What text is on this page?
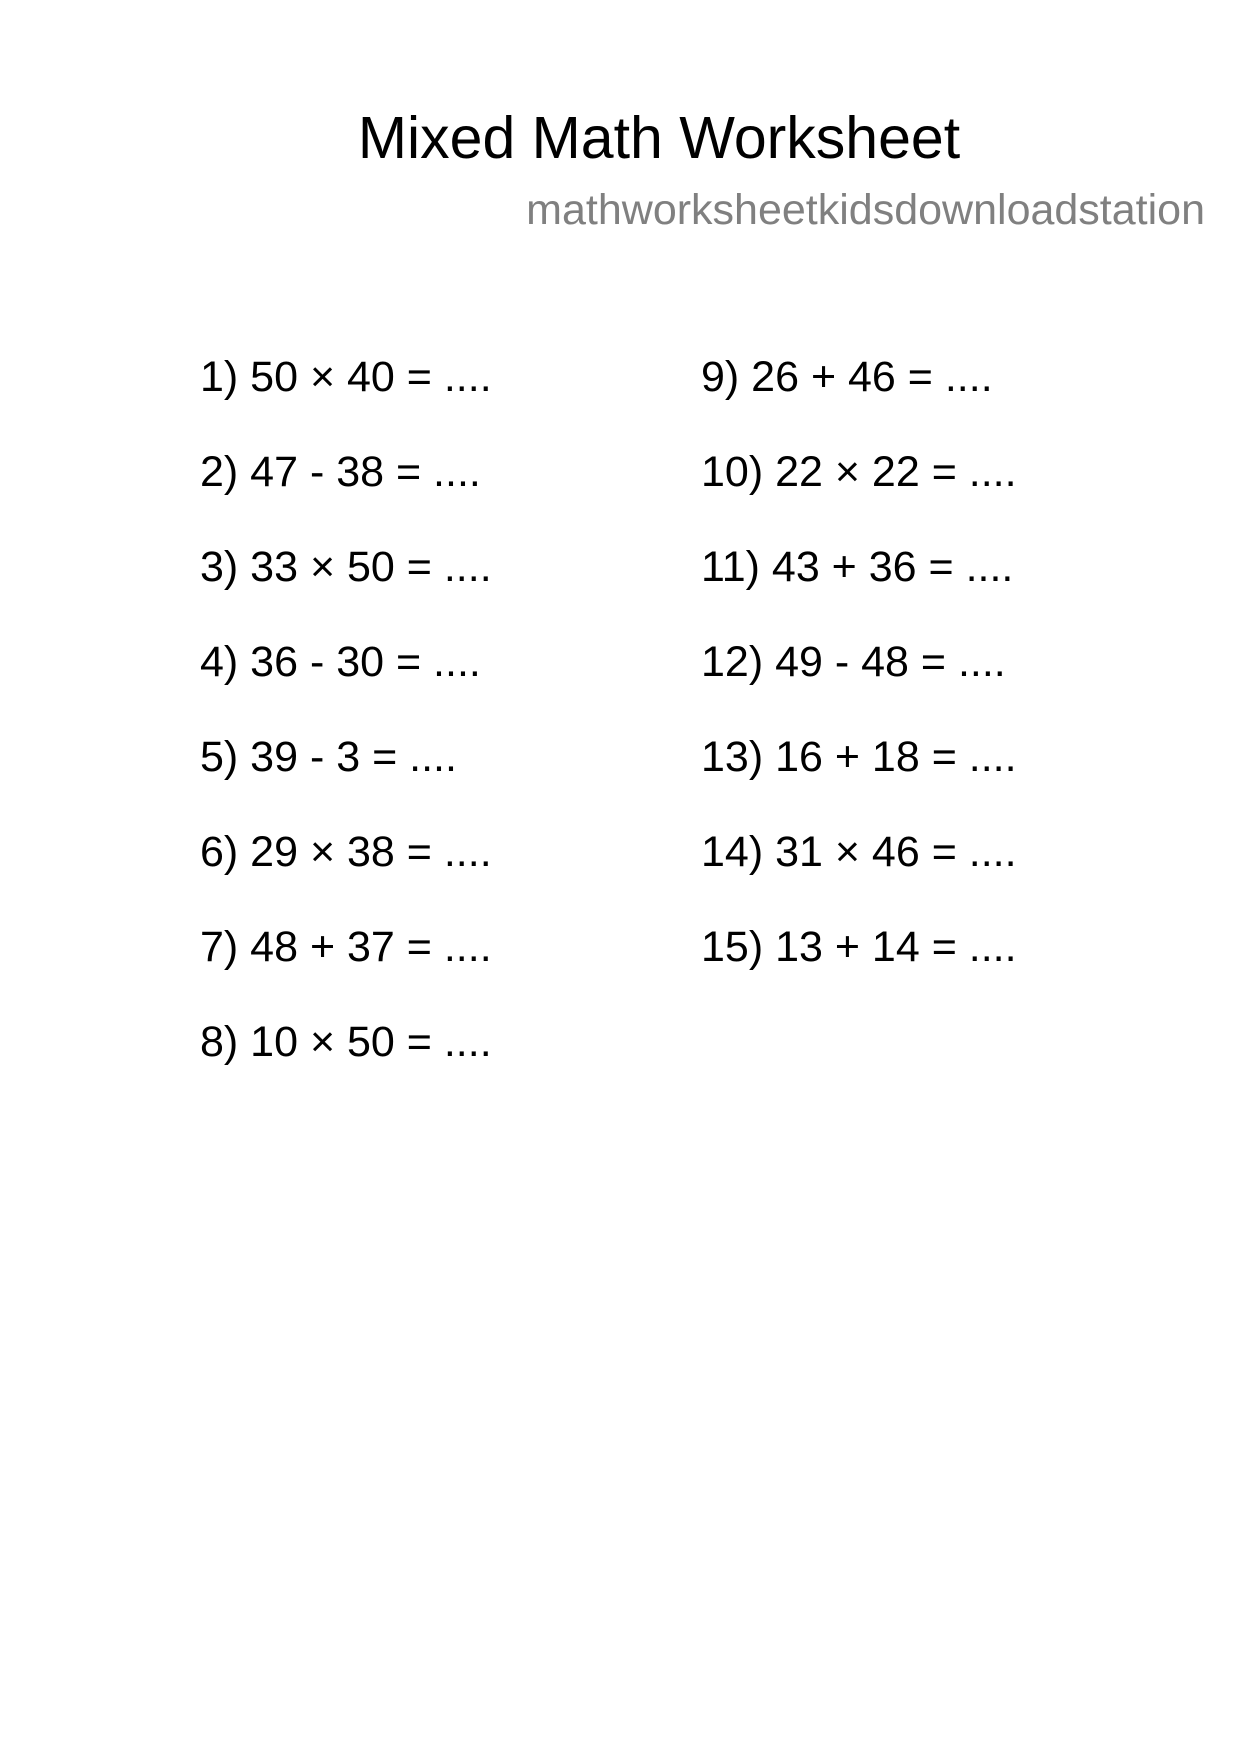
Mixed Math Worksheet

mathworksheetkidsdownloadstation

1) 50 × 40 = ....
2) 47 - 38 = ....
3) 33 × 50 = ....
4) 36 - 30 = ....
5) 39 - 3 = ....
6) 29 × 38 = ....
7) 48 + 37 = ....
8) 10 × 50 = ....
9) 26 + 46 = ....
10) 22 × 22 = ....
11) 43 + 36 = ....
12) 49 - 48 = ....
13) 16 + 18 = ....
14) 31 × 46 = ....
15) 13 + 14 = ....
